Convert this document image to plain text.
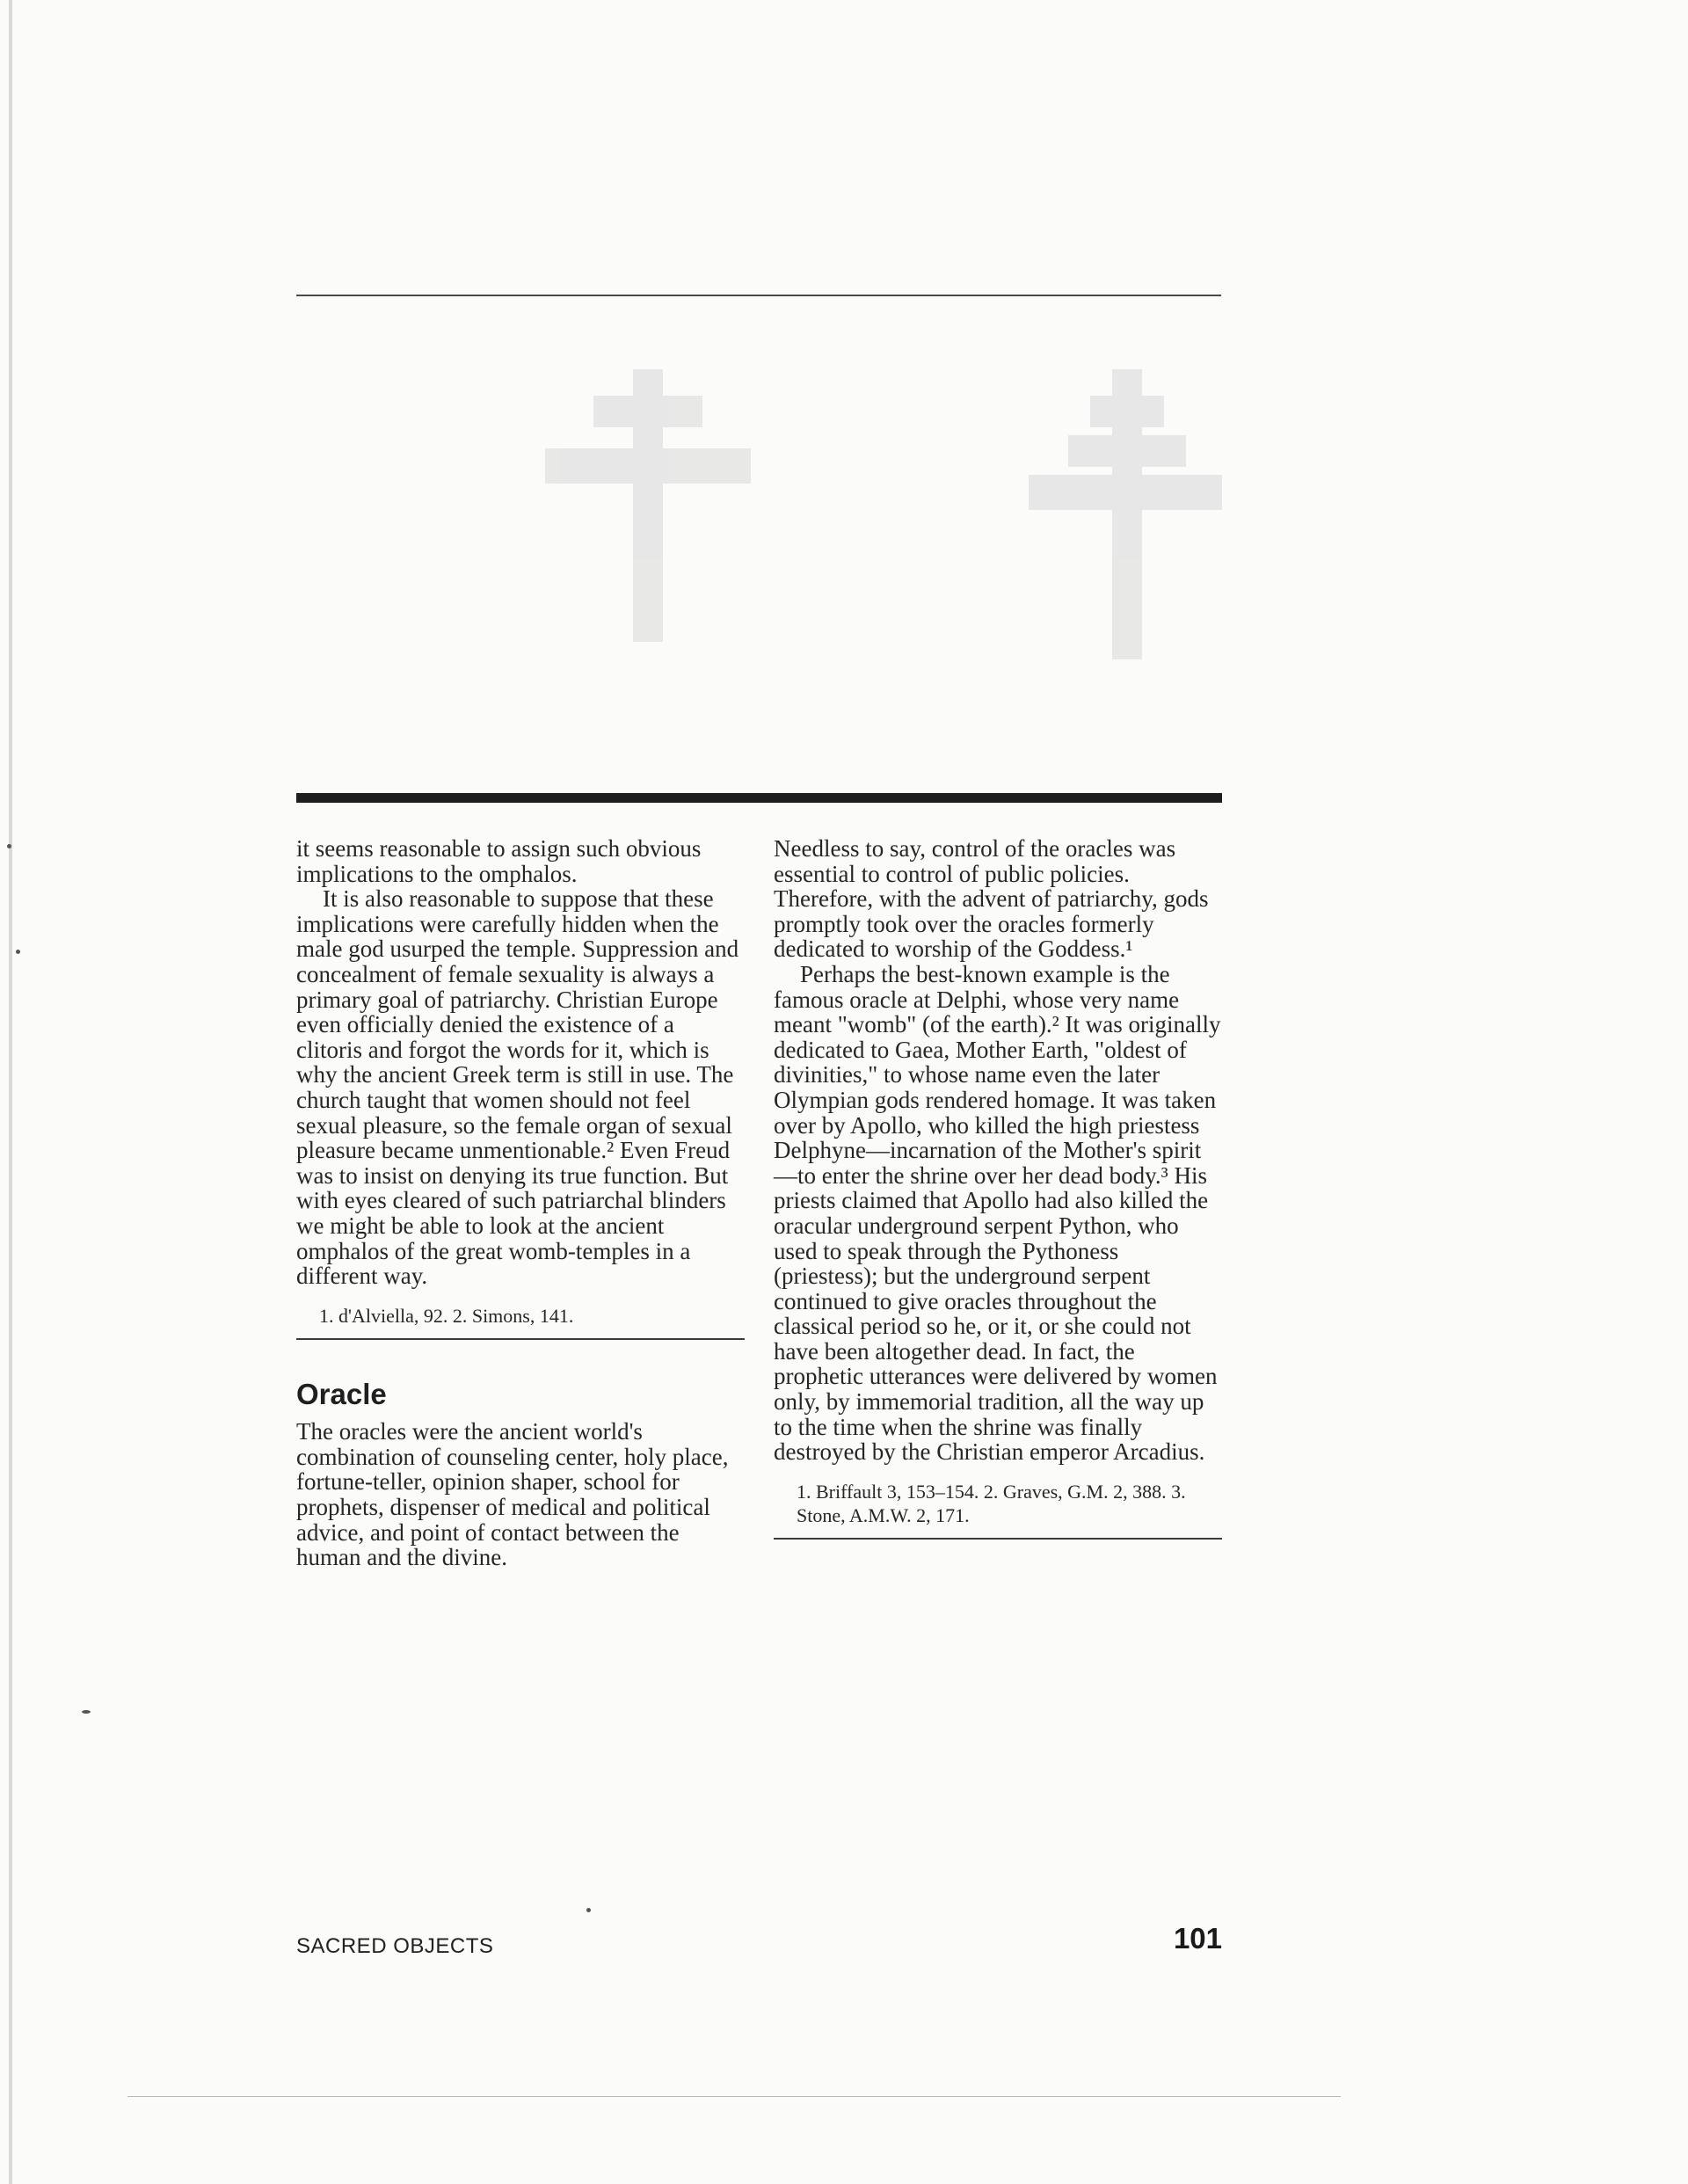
it seems reasonable to assign such obvious implications to the omphalos.

It is also reasonable to suppose that these implications were carefully hidden when the male god usurped the temple. Suppression and concealment of female sexuality is always a primary goal of patriarchy. Christian Europe even officially denied the existence of a clitoris and forgot the words for it, which is why the ancient Greek term is still in use. The church taught that women should not feel sexual pleasure, so the female organ of sexual pleasure became unmentionable.² Even Freud was to insist on denying its true function. But with eyes cleared of such patriarchal blinders we might be able to look at the ancient omphalos of the great womb-temples in a different way.

1. d'Alviella, 92. 2. Simons, 141.
Oracle

The oracles were the ancient world's combination of counseling center, holy place, fortune-teller, opinion shaper, school for prophets, dispenser of medical and political advice, and point of contact between the human and the divine.

Needless to say, control of the oracles was essential to control of public policies. Therefore, with the advent of patriarchy, gods promptly took over the oracles formerly dedicated to worship of the Goddess.¹

Perhaps the best-known example is the famous oracle at Delphi, whose very name meant "womb" (of the earth).² It was originally dedicated to Gaea, Mother Earth, "oldest of divinities," to whose name even the later Olympian gods rendered homage. It was taken over by Apollo, who killed the high priestess Delphyne—incarnation of the Mother's spirit—to enter the shrine over her dead body.³ His priests claimed that Apollo had also killed the oracular underground serpent Python, who used to speak through the Pythoness (priestess); but the underground serpent continued to give oracles throughout the classical period so he, or it, or she could not have been altogether dead. In fact, the prophetic utterances were delivered by women only, by immemorial tradition, all the way up to the time when the shrine was finally destroyed by the Christian emperor Arcadius.

1. Briffault 3, 153–154. 2. Graves, G.M. 2, 388. 3. Stone, A.M.W. 2, 171.
SACRED OBJECTS	101
